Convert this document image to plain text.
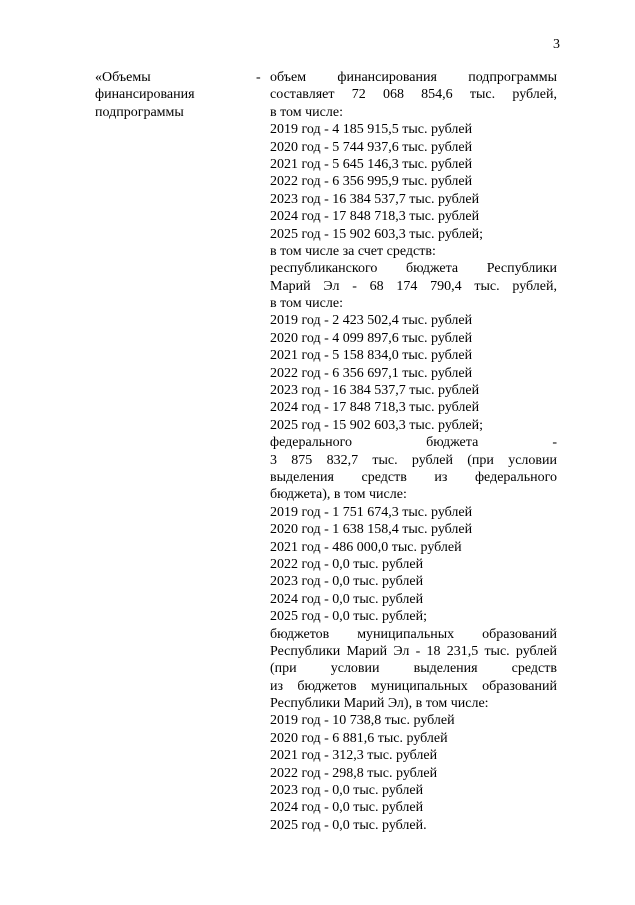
3
«Объемы
финансирования
подпрограммы
- объем финансирования подпрограммы
составляет 72 068 854,6 тыс. рублей,
в том числе:
2019 год - 4 185 915,5 тыс. рублей
2020 год - 5 744 937,6 тыс. рублей
2021 год - 5 645 146,3 тыс. рублей
2022 год - 6 356 995,9 тыс. рублей
2023 год - 16 384 537,7 тыс. рублей
2024 год - 17 848 718,3 тыс. рублей
2025 год - 15 902 603,3 тыс. рублей;
в том числе за счет средств:
республиканского бюджета Республики
Марий Эл - 68 174 790,4 тыс. рублей,
в том числе:
2019 год - 2 423 502,4 тыс. рублей
2020 год - 4 099 897,6 тыс. рублей
2021 год - 5 158 834,0 тыс. рублей
2022 год - 6 356 697,1 тыс. рублей
2023 год - 16 384 537,7 тыс. рублей
2024 год - 17 848 718,3 тыс. рублей
2025 год - 15 902 603,3 тыс. рублей;
федерального бюджета -
3 875 832,7 тыс. рублей (при условии
выделения средств из федерального
бюджета), в том числе:
2019 год - 1 751 674,3 тыс. рублей
2020 год - 1 638 158,4 тыс. рублей
2021 год - 486 000,0 тыс. рублей
2022 год - 0,0 тыс. рублей
2023 год - 0,0 тыс. рублей
2024 год - 0,0 тыс. рублей
2025 год - 0,0 тыс. рублей;
бюджетов муниципальных образований
Республики Марий Эл - 18 231,5 тыс. рублей
(при условии выделения средств
из бюджетов муниципальных образований
Республики Марий Эл), в том числе:
2019 год - 10 738,8 тыс. рублей
2020 год - 6 881,6 тыс. рублей
2021 год - 312,3 тыс. рублей
2022 год - 298,8 тыс. рублей
2023 год - 0,0 тыс. рублей
2024 год - 0,0 тыс. рублей
2025 год - 0,0 тыс. рублей.
